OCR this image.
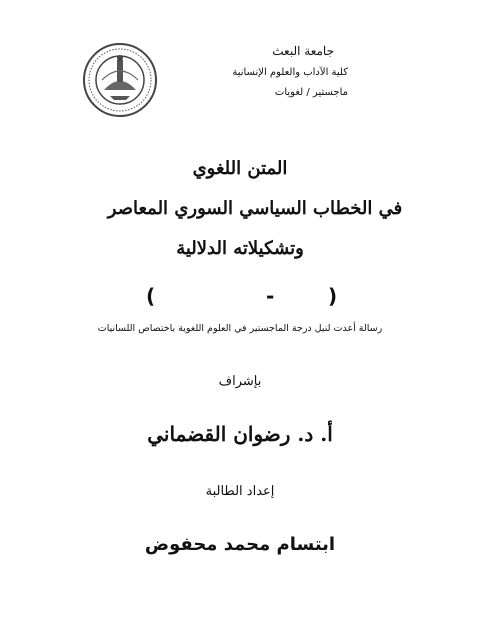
جامعة البعث
كلية الآداب والعلوم الإنسانية
ماجستير / لغويات
المتن اللغوي
في الخطاب السياسي السوري المعاصر
وتشكيلاته الدلالية
(	-	)
رسالة أعدت لنيل درجة الماجستير في العلوم اللغوية باختصاص اللسانيات
بإشراف
أ. د. رضوان القضماني
إعداد الطالبة
ابتسام محمد محفوض
